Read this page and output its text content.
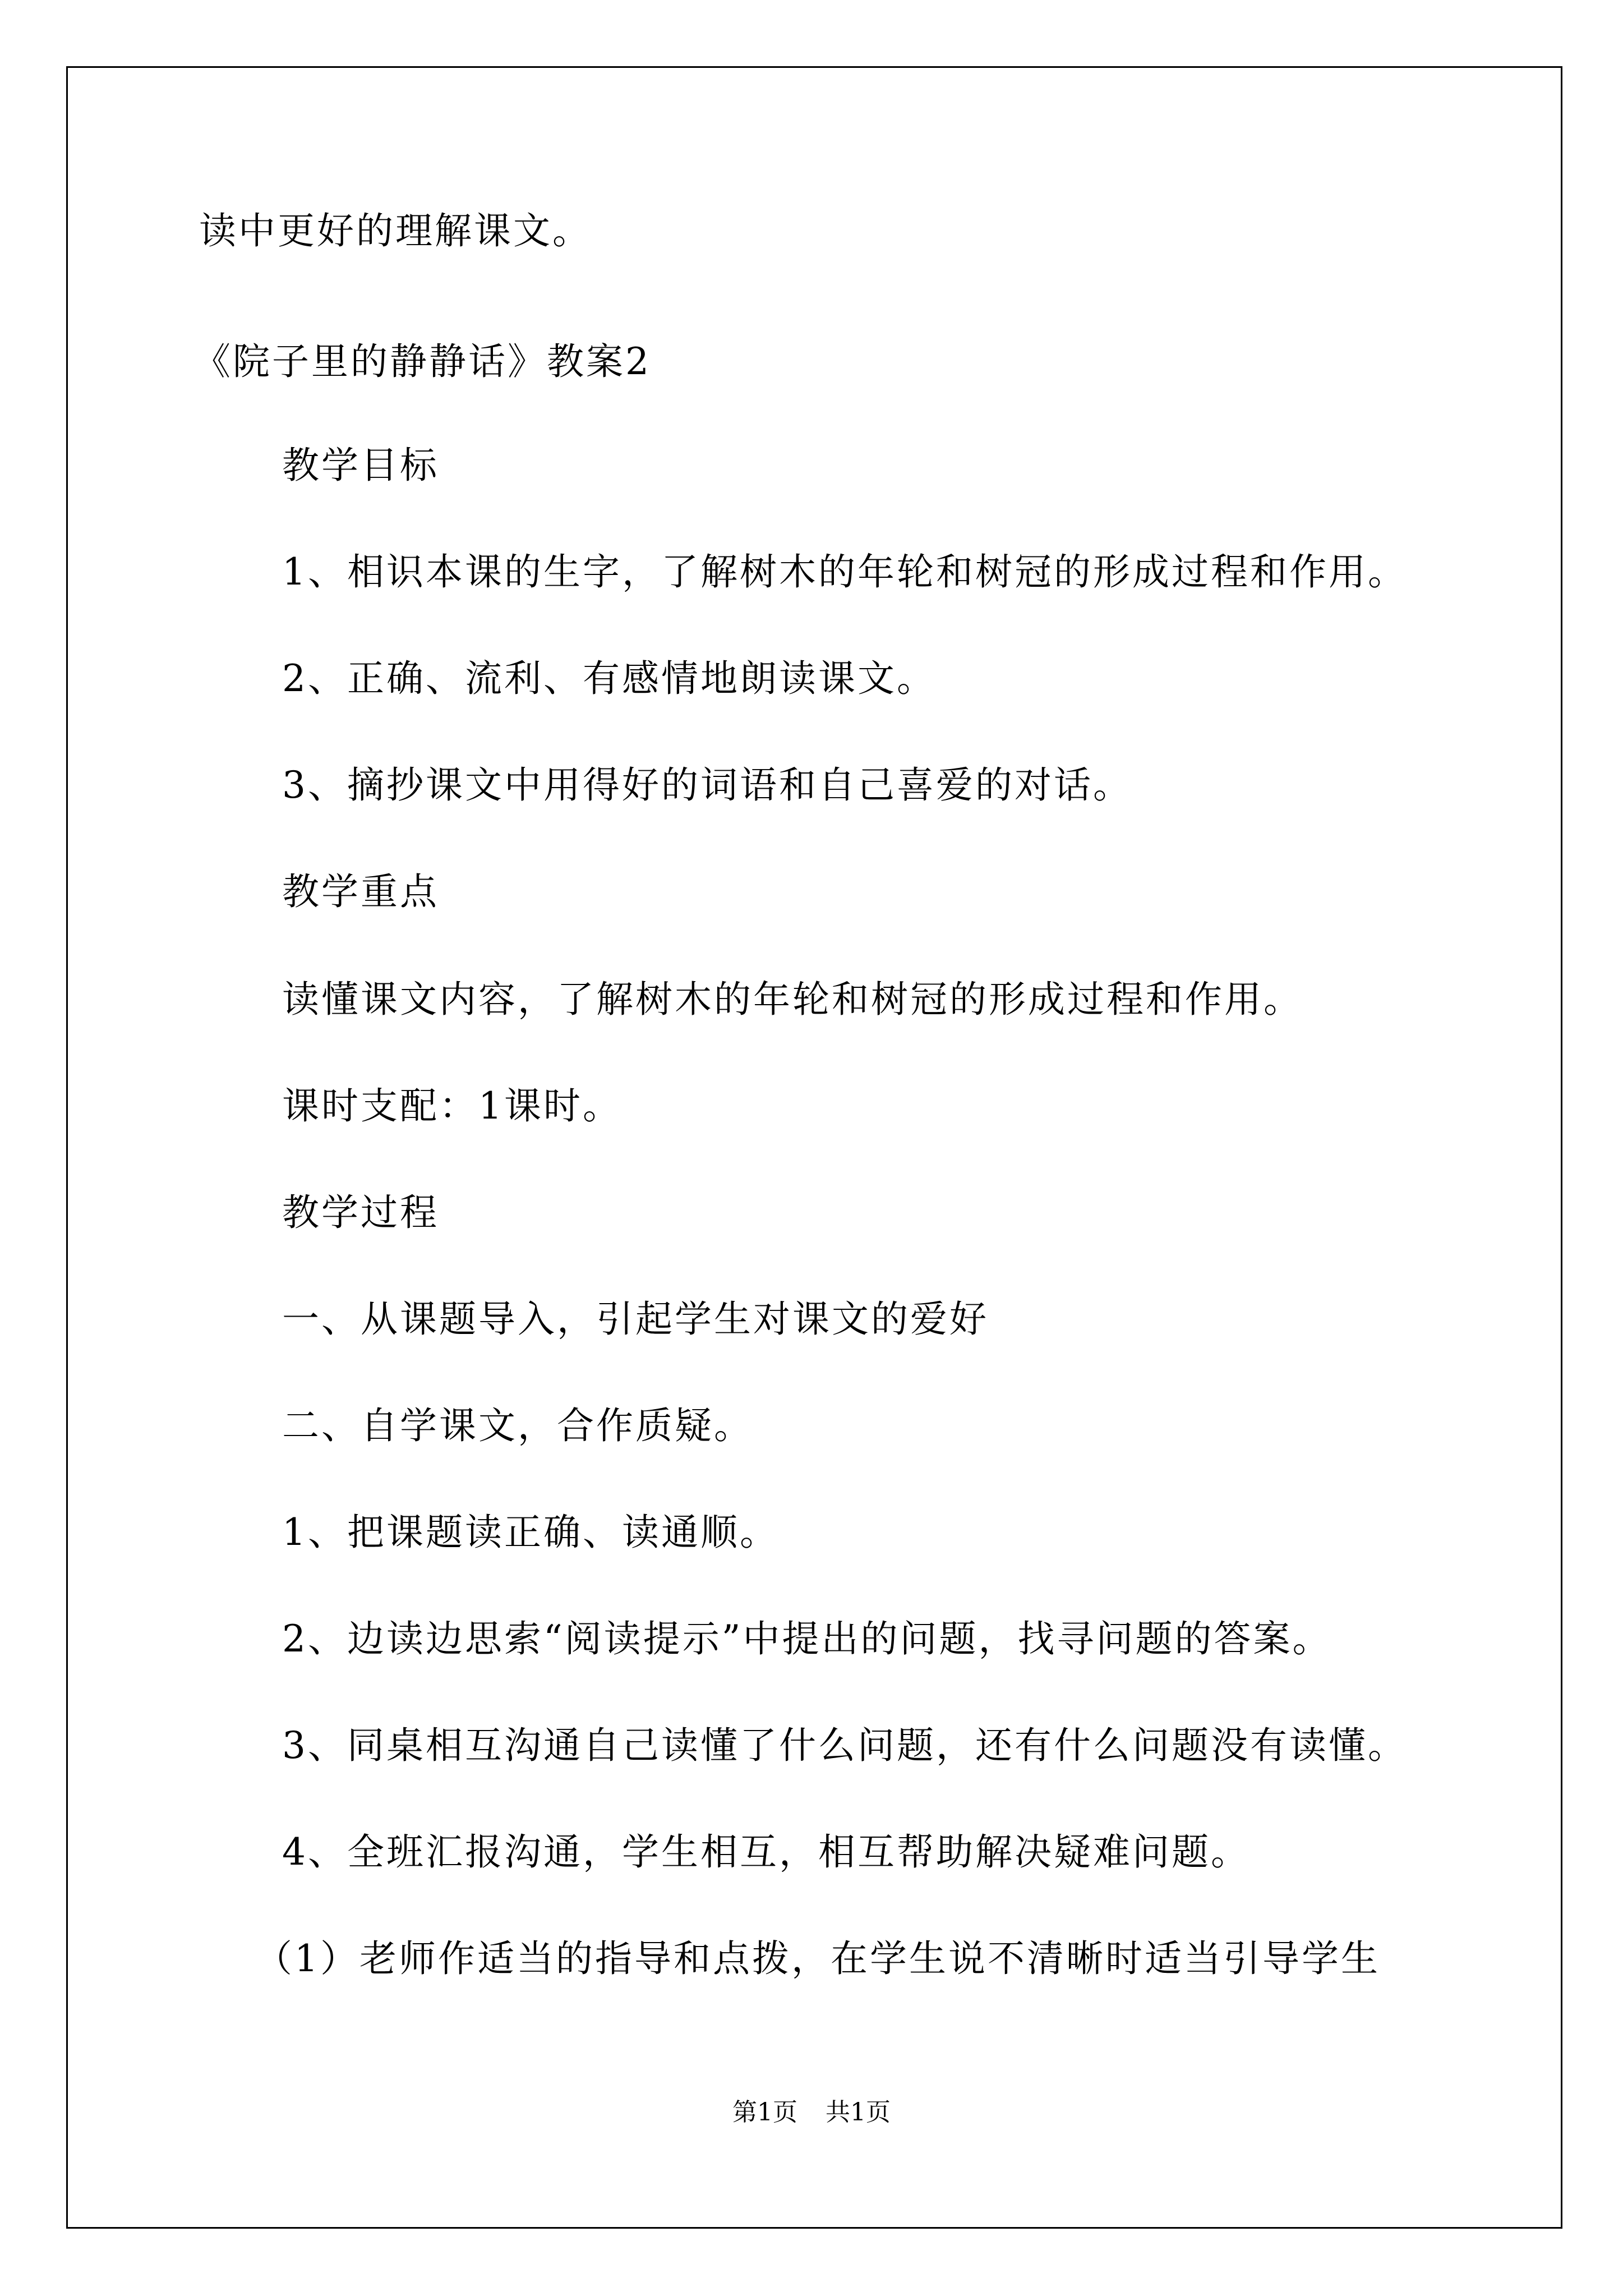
读中更好的理解课文。

《院子里的静静话》教案2

教学目标

1、相识本课的生字，了解树木的年轮和树冠的形成过程和作用。

2、正确、流利、有感情地朗读课文。

3、摘抄课文中用得好的词语和自己喜爱的对话。

教学重点

读懂课文内容，了解树木的年轮和树冠的形成过程和作用。

课时支配：1课时。

教学过程

一、从课题导入，引起学生对课文的爱好

二、自学课文，合作质疑。

1、把课题读正确、读通顺。

2、边读边思索“阅读提示”中提出的问题，找寻问题的答案。

3、同桌相互沟通自己读懂了什么问题，还有什么问题没有读懂。

4、全班汇报沟通，学生相互，相互帮助解决疑难问题。

（1）老师作适当的指导和点拨，在学生说不清晰时适当引导学生

第1页 共1页
